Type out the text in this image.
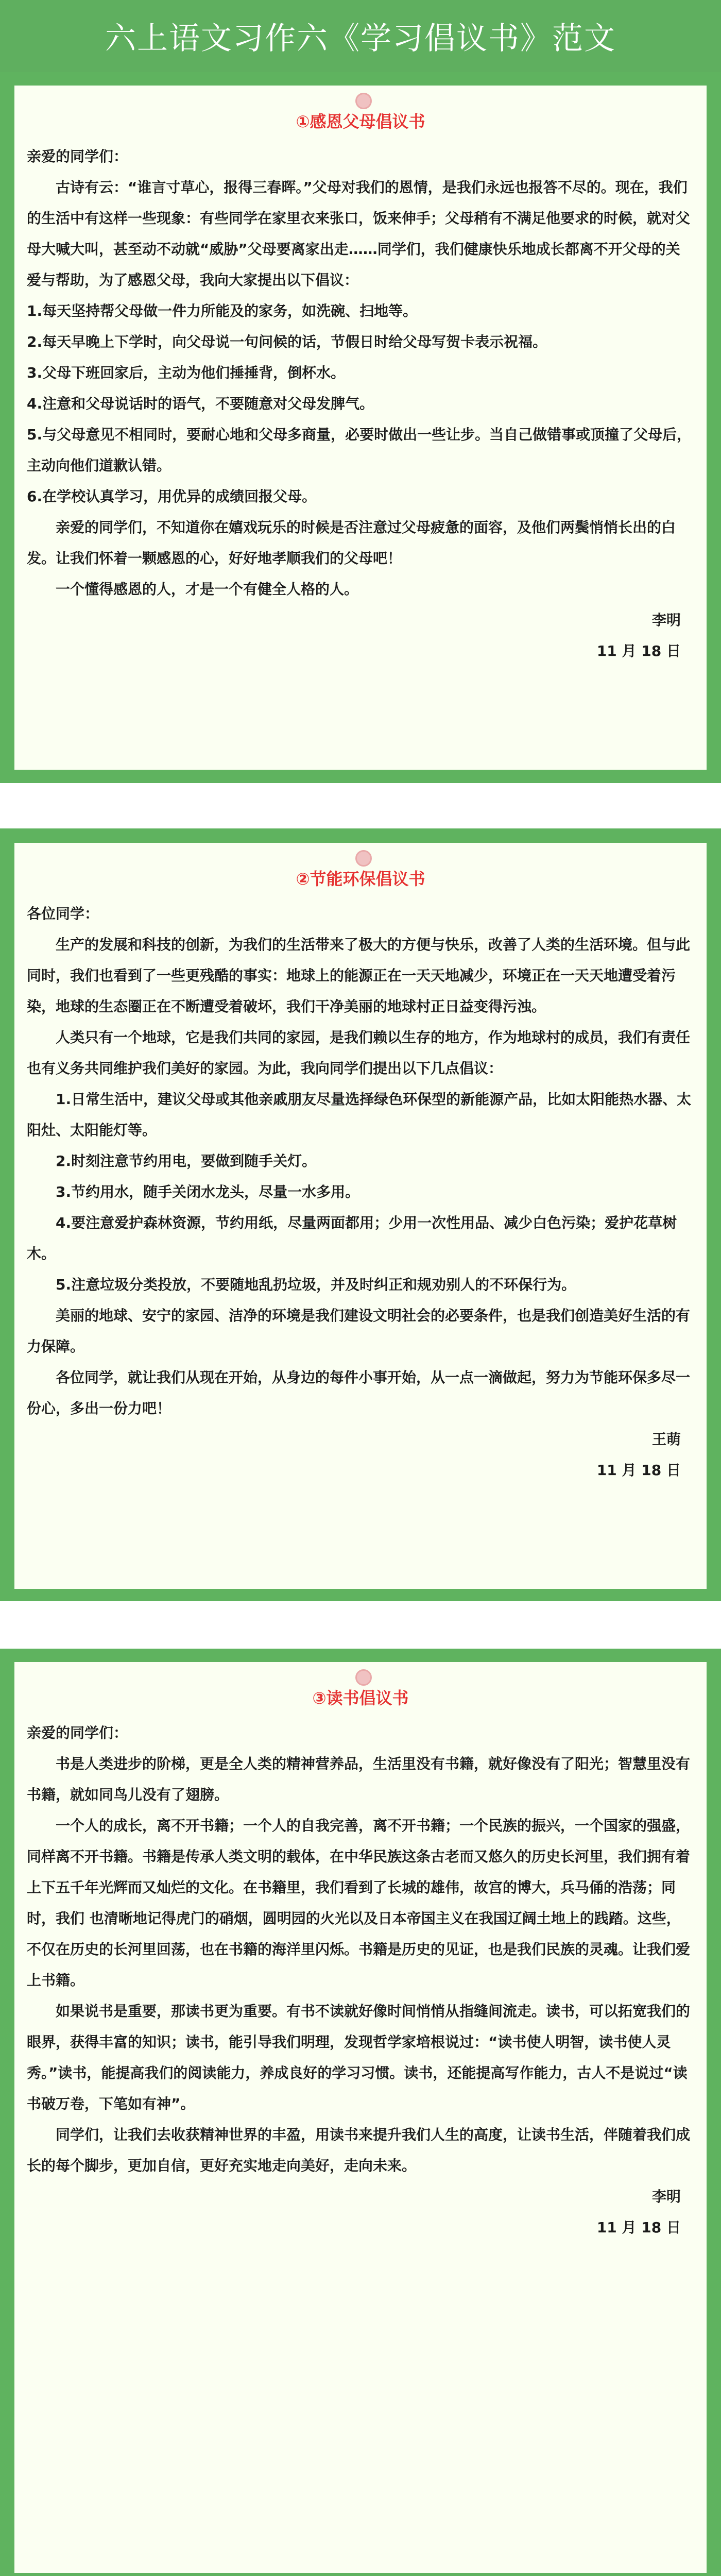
六上语文习作六《学习倡议书》范文
①感恩父母倡议书

亲爱的同学们：

古诗有云：“谁言寸草心，报得三春晖。”父母对我们的恩情，是我们永远也报答不尽的。现在，我们的生活中有这样一些现象：有些同学在家里衣来张口，饭来伸手；父母稍有不满足他要求的时候，就对父母大喊大叫，甚至动不动就“威胁”父母要离家出走……同学们，我们健康快乐地成长都离不开父母的关爱与帮助，为了感恩父母，我向大家提出以下倡议：

1.每天坚持帮父母做一件力所能及的家务，如洗碗、扫地等。

2.每天早晚上下学时，向父母说一句问候的话，节假日时给父母写贺卡表示祝福。

3.父母下班回家后，主动为他们捶捶背，倒杯水。

4.注意和父母说话时的语气，不要随意对父母发脾气。

5.与父母意见不相同时，要耐心地和父母多商量，必要时做出一些让步。当自己做错事或顶撞了父母后，主动向他们道歉认错。

6.在学校认真学习，用优异的成绩回报父母。

亲爱的同学们，不知道你在嬉戏玩乐的时候是否注意过父母疲惫的面容，及他们两鬓悄悄长出的白发。让我们怀着一颗感恩的心，好好地孝顺我们的父母吧！

一个懂得感恩的人，才是一个有健全人格的人。

李明

11 月 18 日

②节能环保倡议书

各位同学：

生产的发展和科技的创新，为我们的生活带来了极大的方便与快乐，改善了人类的生活环境。但与此同时，我们也看到了一些更残酷的事实：地球上的能源正在一天天地减少，环境正在一天天地遭受着污染，地球的生态圈正在不断遭受着破坏，我们干净美丽的地球村正日益变得污浊。

人类只有一个地球，它是我们共同的家园，是我们赖以生存的地方，作为地球村的成员，我们有责任也有义务共同维护我们美好的家园。为此，我向同学们提出以下几点倡议：

1.日常生活中，建议父母或其他亲戚朋友尽量选择绿色环保型的新能源产品，比如太阳能热水器、太阳灶、太阳能灯等。

2.时刻注意节约用电，要做到随手关灯。

3.节约用水，随手关闭水龙头，尽量一水多用。

4.要注意爱护森林资源，节约用纸，尽量两面都用；少用一次性用品、减少白色污染；爱护花草树木。

5.注意垃圾分类投放，不要随地乱扔垃圾，并及时纠正和规劝别人的不环保行为。

美丽的地球、安宁的家园、洁净的环境是我们建设文明社会的必要条件，也是我们创造美好生活的有力保障。

各位同学，就让我们从现在开始，从身边的每件小事开始，从一点一滴做起，努力为节能环保多尽一份心，多出一份力吧！

王萌

11 月 18 日

③读书倡议书

亲爱的同学们：

书是人类进步的阶梯，更是全人类的精神营养品，生活里没有书籍，就好像没有了阳光；智慧里没有书籍，就如同鸟儿没有了翅膀。

一个人的成长，离不开书籍；一个人的自我完善，离不开书籍；一个民族的振兴，一个国家的强盛，同样离不开书籍。书籍是传承人类文明的载体，在中华民族这条古老而又悠久的历史长河里，我们拥有着上下五千年光辉而又灿烂的文化。在书籍里，我们看到了长城的雄伟，故宫的博大，兵马俑的浩荡；同时，我们 也清晰地记得虎门的硝烟，圆明园的火光以及日本帝国主义在我国辽阔土地上的践踏。这些，不仅在历史的长河里回荡，也在书籍的海洋里闪烁。书籍是历史的见证，也是我们民族的灵魂。让我们爱上书籍。

如果说书是重要，那读书更为重要。有书不读就好像时间悄悄从指缝间流走。读书，可以拓宽我们的眼界，获得丰富的知识；读书，能引导我们明理，发现哲学家培根说过：“读书使人明智，读书使人灵秀。”读书，能提高我们的阅读能力，养成良好的学习习惯。读书，还能提高写作能力，古人不是说过“读书破万卷，下笔如有神”。

同学们，让我们去收获精神世界的丰盈，用读书来提升我们人生的高度，让读书生活，伴随着我们成长的每个脚步，更加自信，更好充实地走向美好，走向未来。

李明

11 月 18 日
